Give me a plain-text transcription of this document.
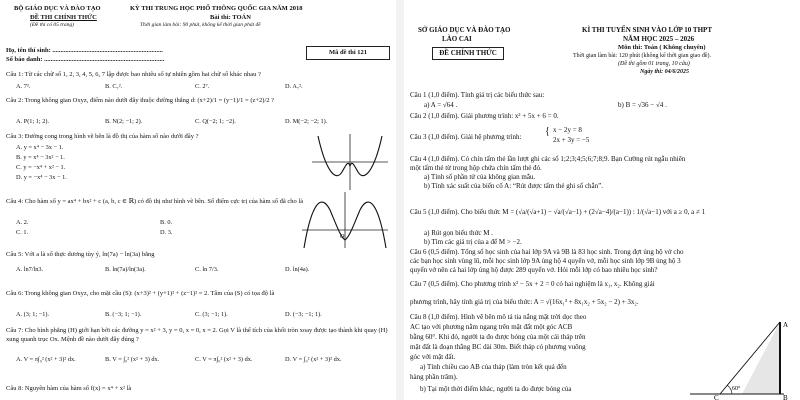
BỘ GIÁO DỤC VÀ ĐÀO TẠO
ĐỀ THI CHÍNH THỨC
(Đề thi có 05 trang)
KỲ THI TRUNG HỌC PHỔ THÔNG QUỐC GIA NĂM 2018
Bài thi: TOÁN
Thời gian làm bài: 90 phút, không kể thời gian phát đề
Họ, tên thí sinh: ....................................................................
Số báo danh: ..........................................................................
Mã đề thi 121
Câu 1: Từ các chữ số 1, 2, 3, 4, 5, 6, 7 lập được bao nhiêu số tự nhiên gồm hai chữ số khác nhau ?
A. 7².	B. C₇².	C. 2⁷.	D. A₇².
Câu 2: Trong không gian Oxyz, điểm nào dưới đây thuộc đường thẳng d: (x+2)/1 = (y−1)/1 = (z+2)/2 ?
A. P(1; 1; 2).	B. N(2; −1; 2).	C. Q(−2; 1; −2).	D. M(−2; −2; 1).
Câu 3: Đường cong trong hình vẽ bên là đồ thị của hàm số nào dưới đây ?
A. y = x⁴ − 3x − 1.
B. y = x⁴ − 3x² − 1.
C. y = −x⁴ + x² − 1.
D. y = −x⁴ − 3x − 1.
Câu 4: Cho hàm số y = ax⁴ + bx² + c (a, b, c ∈ ℝ) có đồ thị như hình vẽ bên. Số điểm cực trị của hàm số đã cho là
A. 2.	B. 0.
C. 1.	D. 3.
O
Câu 5: Với a là số thực dương tùy ý, ln(7a) − ln(3a) bằng
A. ln7/ln3.	B. ln(7a)/ln(3a).	C. ln 7/3.	D. ln(4a).
Câu 6: Trong không gian Oxyz, cho mặt cầu (S): (x+3)² + (y+1)² + (z−1)² = 2. Tâm của (S) có tọa độ là
A. (3; 1; −1).	B. (−3; 1; −1).	C. (3; −1; 1).	D. (−3; −1; 1).
Câu 7: Cho hình phẳng (H) giới hạn bởi các đường y = x² + 3, y = 0, x = 0, x = 2. Gọi V là thể tích của khối tròn xoay được tạo thành khi quay (H) xung quanh trục Ox. Mệnh đề nào dưới đây đúng ?
A. V = π∫₀² (x² + 3)² dx.	B. V = ∫₀² (x² + 3) dx.	C. V = π∫₀² (x² + 3) dx.	D. V = ∫₀² (x² + 3)² dx.
Câu 8: Nguyên hàm của hàm số f(x) = x⁴ + x² là
SỞ GIÁO DỤC VÀ ĐÀO TẠO
LÀO CAI
ĐỀ CHÍNH THỨC
KÌ THI TUYỂN SINH VÀO LỚP 10 THPT
NĂM HỌC 2025 – 2026
Môn thi: Toán ( Không chuyên)
Thời gian làm bài: 120 phút (không kể thời gian giao đề).
(Đề thi gồm 01 trang, 10 câu)
Ngày thi: 04/6/2025
Câu 1 (1,0 điểm). Tính giá trị các biểu thức sau:
a) A = √64 .	b) B = √36 − √4 .
Câu 2 (1,0 điểm). Giải phương trình: x² + 5x + 6 = 0.
Câu 3 (1,0 điểm). Giải hệ phương trình: { x − 2y = 8
2x + 3y = −5
Câu 4 (1,0 điểm). Có chín tấm thẻ lần lượt ghi các số 1;2;3;4;5;6;7;8;9. Bạn Cường rút ngẫu nhiên
một tấm thẻ từ trong hộp chứa chín tấm thẻ đó.
a) Tính số phần tử của không gian mẫu.
b) Tính xác suất của biến cố A: “Rút được tấm thẻ ghi số chẵn”.
Câu 5 (1,0 điểm). Cho biểu thức M = (√a/(√a+1) − √a/(√a−1) + (2√a−4)/(a−1)) : 1/(√a−1) với a ≥ 0, a ≠ 1
a) Rút gọn biểu thức M .
b) Tìm các giá trị của a để M > −2.
Câu 6 (0,5 điểm). Tổng số học sinh của hai lớp 9A và 9B là 83 học sinh. Trong đợt ủng hộ vở cho
các bạn học sinh vùng lũ, mỗi học sinh lớp 9A ủng hộ 4 quyển vở, mỗi học sinh lớp 9B ủng hộ 3
quyển vở nên cả hai lớp ủng hộ được 289 quyển vở. Hỏi mỗi lớp có bao nhiêu học sinh?
Câu 7 (0,5 điểm). Cho phương trình x² − 5x + 2 = 0 có hai nghiệm là x₁, x₂. Không giải
phương trình, hãy tính giá trị của biểu thức: A = √(16x₁³ + 8x₁x₂ + 5x₂ − 2) + 3x₂.
Câu 8 (1,0 điểm). Hình vẽ bên mô tả tia nắng mặt trời dọc theo
AC tạo với phương nằm ngang trên mặt đất một góc ACB
bằng 60°. Khi đó, người ta đo được bóng của một cái tháp trên
mặt đất là đoạn thẳng BC dài 30m. Biết tháp có phương vuông
góc với mặt đất.
a) Tính chiều cao AB của tháp (làm tròn kết quả đến
hàng phần trăm).
b) Tại một thời điểm khác, người ta đo được bóng của
A
B
C
60°
